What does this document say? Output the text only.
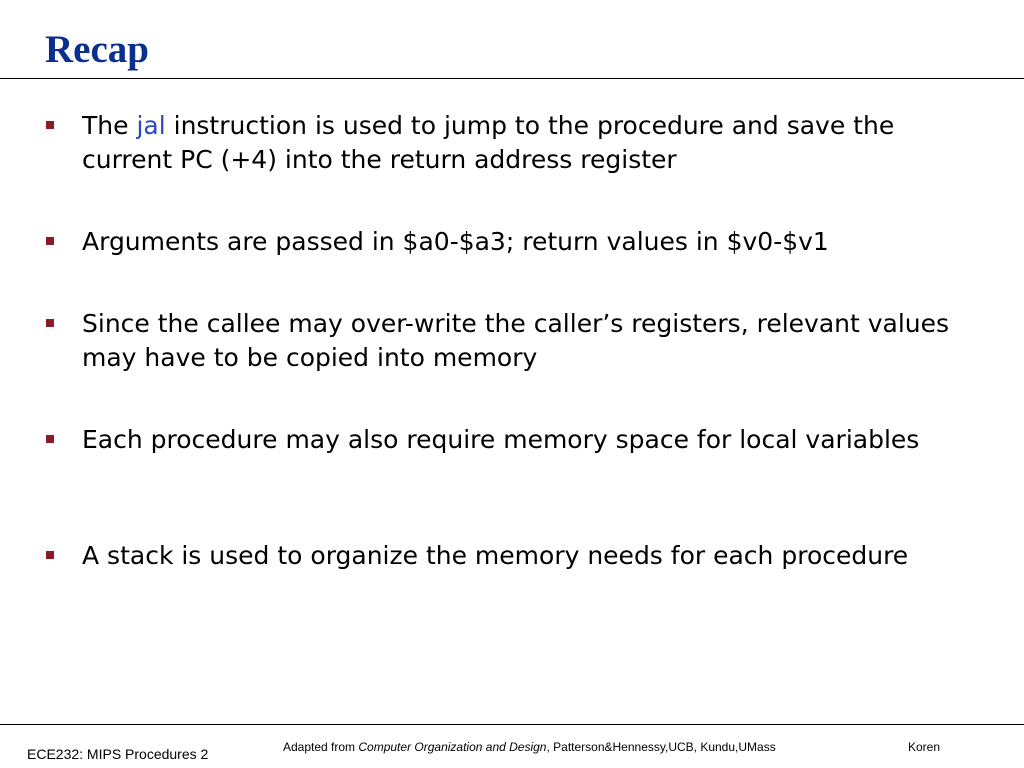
Recap
The jal instruction is used to jump to the procedure and save the current PC (+4) into the return address register
Arguments are passed in $a0-$a3; return values in $v0-$v1
Since the callee may over-write the caller’s registers, relevant values may have to be copied into memory
Each procedure may also require memory space for local variables
A stack is used to organize the memory needs for each procedure
ECE232: MIPS Procedures 2	Adapted from Computer Organization and Design, Patterson&Hennessy,UCB, Kundu,UMass	Koren
